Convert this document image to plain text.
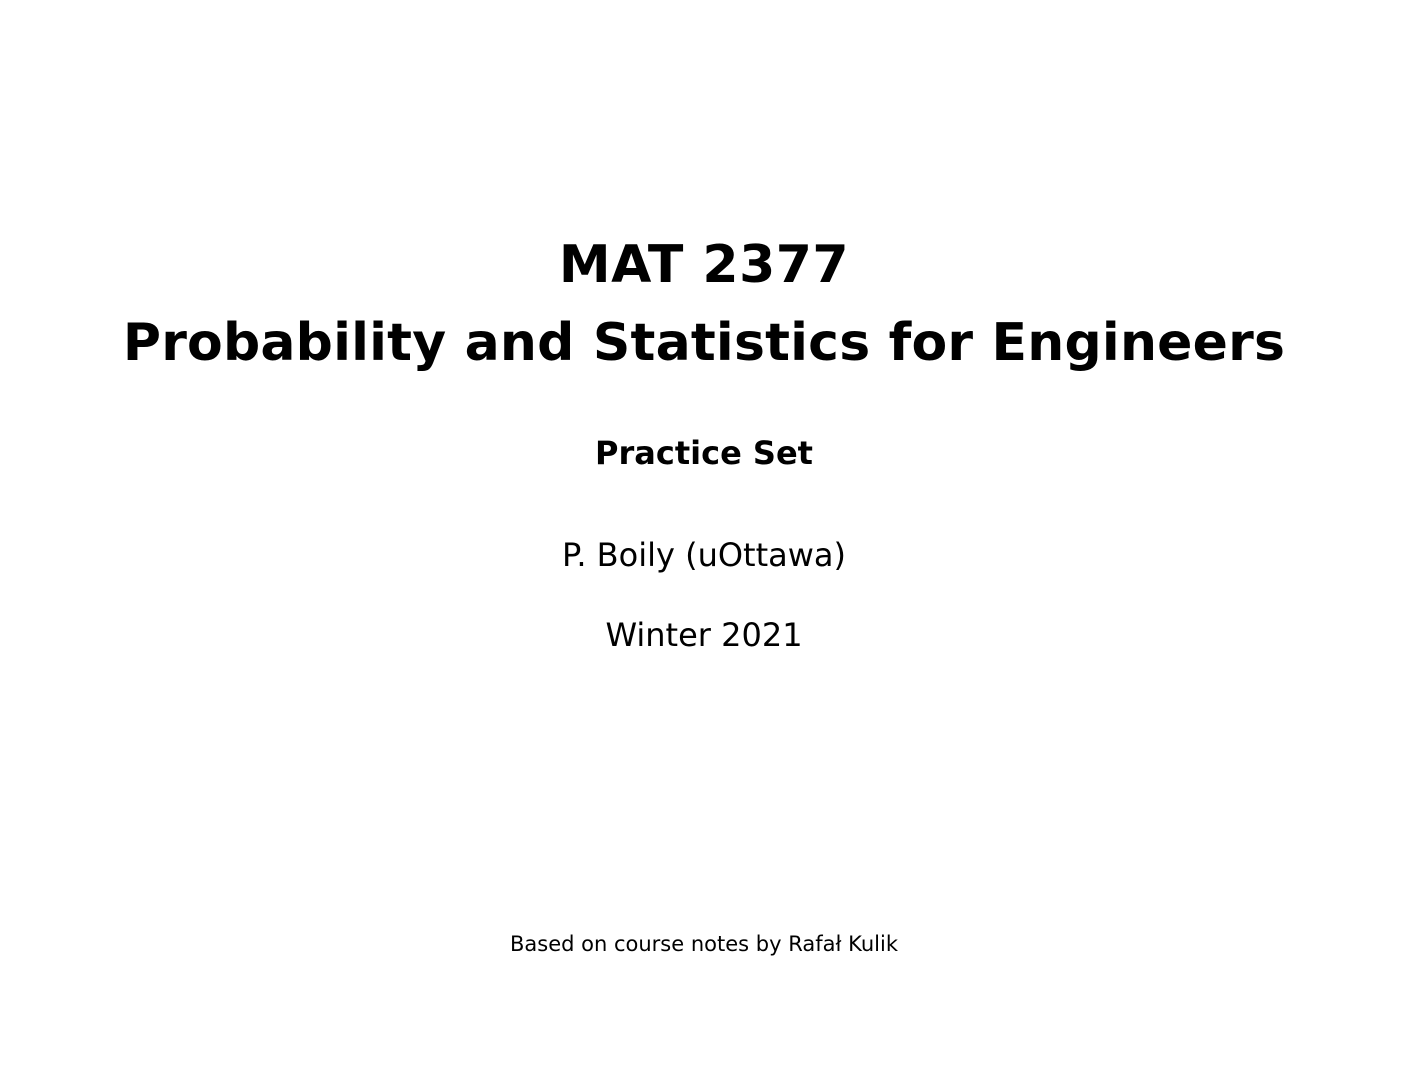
MAT 2377
Probability and Statistics for Engineers
Practice Set

P. Boily (uOttawa)

Winter 2021

Based on course notes by Rafał Kulik
